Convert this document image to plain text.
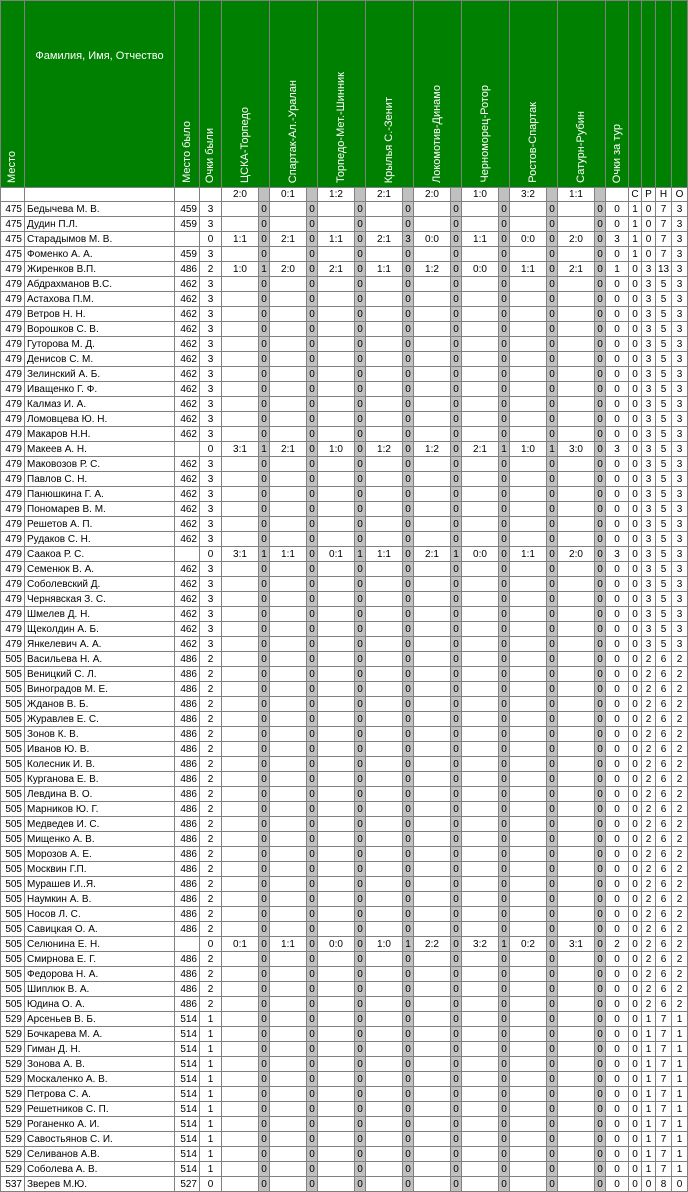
Место	Фамилия, Имя, Отчество	Место было	Очки были	ЦСКА-Торпедо		Спартак-Ал.-Уралан		Торпедо-Мет.-Шинник		Крылья С.-Зенит		Локомотив-Динамо		Черноморец-Ротор		Ростов-Спартак		Сатурн-Рубин		Очки за тур				

				2:0		0:1		1:2		2:1		2:0		1:0		3:2		1:1			С	Р	Н	О
475	Бедычева М. В.	459	3		0		0		0		0		0		0		0		0	0	1	0	7	3
475	Дудин П.Л.	459	3		0		0		0		0		0		0		0		0	0	1	0	7	3
475	Старадымов М. В.		0	1:1	0	2:1	0	1:1	0	2:1	3	0:0	0	1:1	0	0:0	0	2:0	0	3	1	0	7	3
475	Фоменко А. А.	459	3		0		0		0		0		0		0		0		0	0	1	0	7	3
479	Жиренков В.П.	486	2	1:0	1	2:0	0	2:1	0	1:1	0	1:2	0	0:0	0	1:1	0	2:1	0	1	0	3	13	3
479	Абдрахманов В.С.	462	3		0		0		0		0		0		0		0		0	0	0	3	5	3
479	Астахова П.М.	462	3		0		0		0		0		0		0		0		0	0	0	3	5	3
479	Ветров Н. Н.	462	3		0		0		0		0		0		0		0		0	0	0	3	5	3
479	Ворошков С. В.	462	3		0		0		0		0		0		0		0		0	0	0	3	5	3
479	Гуторова М. Д.	462	3		0		0		0		0		0		0		0		0	0	0	3	5	3
479	Денисов С. М.	462	3		0		0		0		0		0		0		0		0	0	0	3	5	3
479	Зелинский А. Б.	462	3		0		0		0		0		0		0		0		0	0	0	3	5	3
479	Иващенко Г. Ф.	462	3		0		0		0		0		0		0		0		0	0	0	3	5	3
479	Калмаз И. А.	462	3		0		0		0		0		0		0		0		0	0	0	3	5	3
479	Ломовцева Ю. Н.	462	3		0		0		0		0		0		0		0		0	0	0	3	5	3
479	Макаров Н.Н.	462	3		0		0		0		0		0		0		0		0	0	0	3	5	3
479	Макеев А. Н.		0	3:1	1	2:1	0	1:0	0	1:2	0	1:2	0	2:1	1	1:0	1	3:0	0	3	0	3	5	3
479	Маковозов Р. С.	462	3		0		0		0		0		0		0		0		0	0	0	3	5	3
479	Павлов С. Н.	462	3		0		0		0		0		0		0		0		0	0	0	3	5	3
479	Панюшкина Г. А.	462	3		0		0		0		0		0		0		0		0	0	0	3	5	3
479	Пономарев В. М.	462	3		0		0		0		0		0		0		0		0	0	0	3	5	3
479	Решетов А. П.	462	3		0		0		0		0		0		0		0		0	0	0	3	5	3
479	Рудаков С. Н.	462	3		0		0		0		0		0		0		0		0	0	0	3	5	3
479	Саакоа Р. С.		0	3:1	1	1:1	0	0:1	1	1:1	0	2:1	1	0:0	0	1:1	0	2:0	0	3	0	3	5	3
479	Семенюк В. А.	462	3		0		0		0		0		0		0		0		0	0	0	3	5	3
479	Соболевский Д.	462	3		0		0		0		0		0		0		0		0	0	0	3	5	3
479	Чернявская З. С.	462	3		0		0		0		0		0		0		0		0	0	0	3	5	3
479	Шмелев Д. Н.	462	3		0		0		0		0		0		0		0		0	0	0	3	5	3
479	Щеколдин А. Б.	462	3		0		0		0		0		0		0		0		0	0	0	3	5	3
479	Янкелевич А. А.	462	3		0		0		0		0		0		0		0		0	0	0	3	5	3
505	Васильева Н. А.	486	2		0		0		0		0		0		0		0		0	0	0	2	6	2
505	Веницкий С. Л.	486	2		0		0		0		0		0		0		0		0	0	0	2	6	2
505	Виноградов М. Е.	486	2		0		0		0		0		0		0		0		0	0	0	2	6	2
505	Жданов В. Б.	486	2		0		0		0		0		0		0		0		0	0	0	2	6	2
505	Журавлев Е. С.	486	2		0		0		0		0		0		0		0		0	0	0	2	6	2
505	Зонов К. В.	486	2		0		0		0		0		0		0		0		0	0	0	2	6	2
505	Иванов Ю. В.	486	2		0		0		0		0		0		0		0		0	0	0	2	6	2
505	Колесник И. В.	486	2		0		0		0		0		0		0		0		0	0	0	2	6	2
505	Курганова Е. В.	486	2		0		0		0		0		0		0		0		0	0	0	2	6	2
505	Левдина В. О.	486	2		0		0		0		0		0		0		0		0	0	0	2	6	2
505	Марников Ю. Г.	486	2		0		0		0		0		0		0		0		0	0	0	2	6	2
505	Медведев И. С.	486	2		0		0		0		0		0		0		0		0	0	0	2	6	2
505	Мищенко А. В.	486	2		0		0		0		0		0		0		0		0	0	0	2	6	2
505	Морозов А. Е.	486	2		0		0		0		0		0		0		0		0	0	0	2	6	2
505	Москвин Г.П.	486	2		0		0		0		0		0		0		0		0	0	0	2	6	2
505	Мурашев И..Я.	486	2		0		0		0		0		0		0		0		0	0	0	2	6	2
505	Наумкин А. В.	486	2		0		0		0		0		0		0		0		0	0	0	2	6	2
505	Носов Л. С.	486	2		0		0		0		0		0		0		0		0	0	0	2	6	2
505	Савицкая О. А.	486	2		0		0		0		0		0		0		0		0	0	0	2	6	2
505	Селюнина Е. Н.		0	0:1	0	1:1	0	0:0	0	1:0	1	2:2	0	3:2	1	0:2	0	3:1	0	2	0	2	6	2
505	Смирнова Е. Г.	486	2		0		0		0		0		0		0		0		0	0	0	2	6	2
505	Федорова Н. А.	486	2		0		0		0		0		0		0		0		0	0	0	2	6	2
505	Шиплюк В. А.	486	2		0		0		0		0		0		0		0		0	0	0	2	6	2
505	Юдина О. А.	486	2		0		0		0		0		0		0		0		0	0	0	2	6	2
529	Арсеньев В. Б.	514	1		0		0		0		0		0		0		0		0	0	0	1	7	1
529	Бочкарева М. А.	514	1		0		0		0		0		0		0		0		0	0	0	1	7	1
529	Гиман Д. Н.	514	1		0		0		0		0		0		0		0		0	0	0	1	7	1
529	Зонова А. В.	514	1		0		0		0		0		0		0		0		0	0	0	1	7	1
529	Москаленко А. В.	514	1		0		0		0		0		0		0		0		0	0	0	1	7	1
529	Петрова С. А.	514	1		0		0		0		0		0		0		0		0	0	0	1	7	1
529	Решетников С. П.	514	1		0		0		0		0		0		0		0		0	0	0	1	7	1
529	Роганенко А. И.	514	1		0		0		0		0		0		0		0		0	0	0	1	7	1
529	Савостьянов С. И.	514	1		0		0		0		0		0		0		0		0	0	0	1	7	1
529	Селиванов А.В.	514	1		0		0		0		0		0		0		0		0	0	0	1	7	1
529	Соболева А. В.	514	1		0		0		0		0		0		0		0		0	0	0	1	7	1
537	Зверев М.Ю.	527	0		0		0		0		0		0		0		0		0	0	0	0	8	0
